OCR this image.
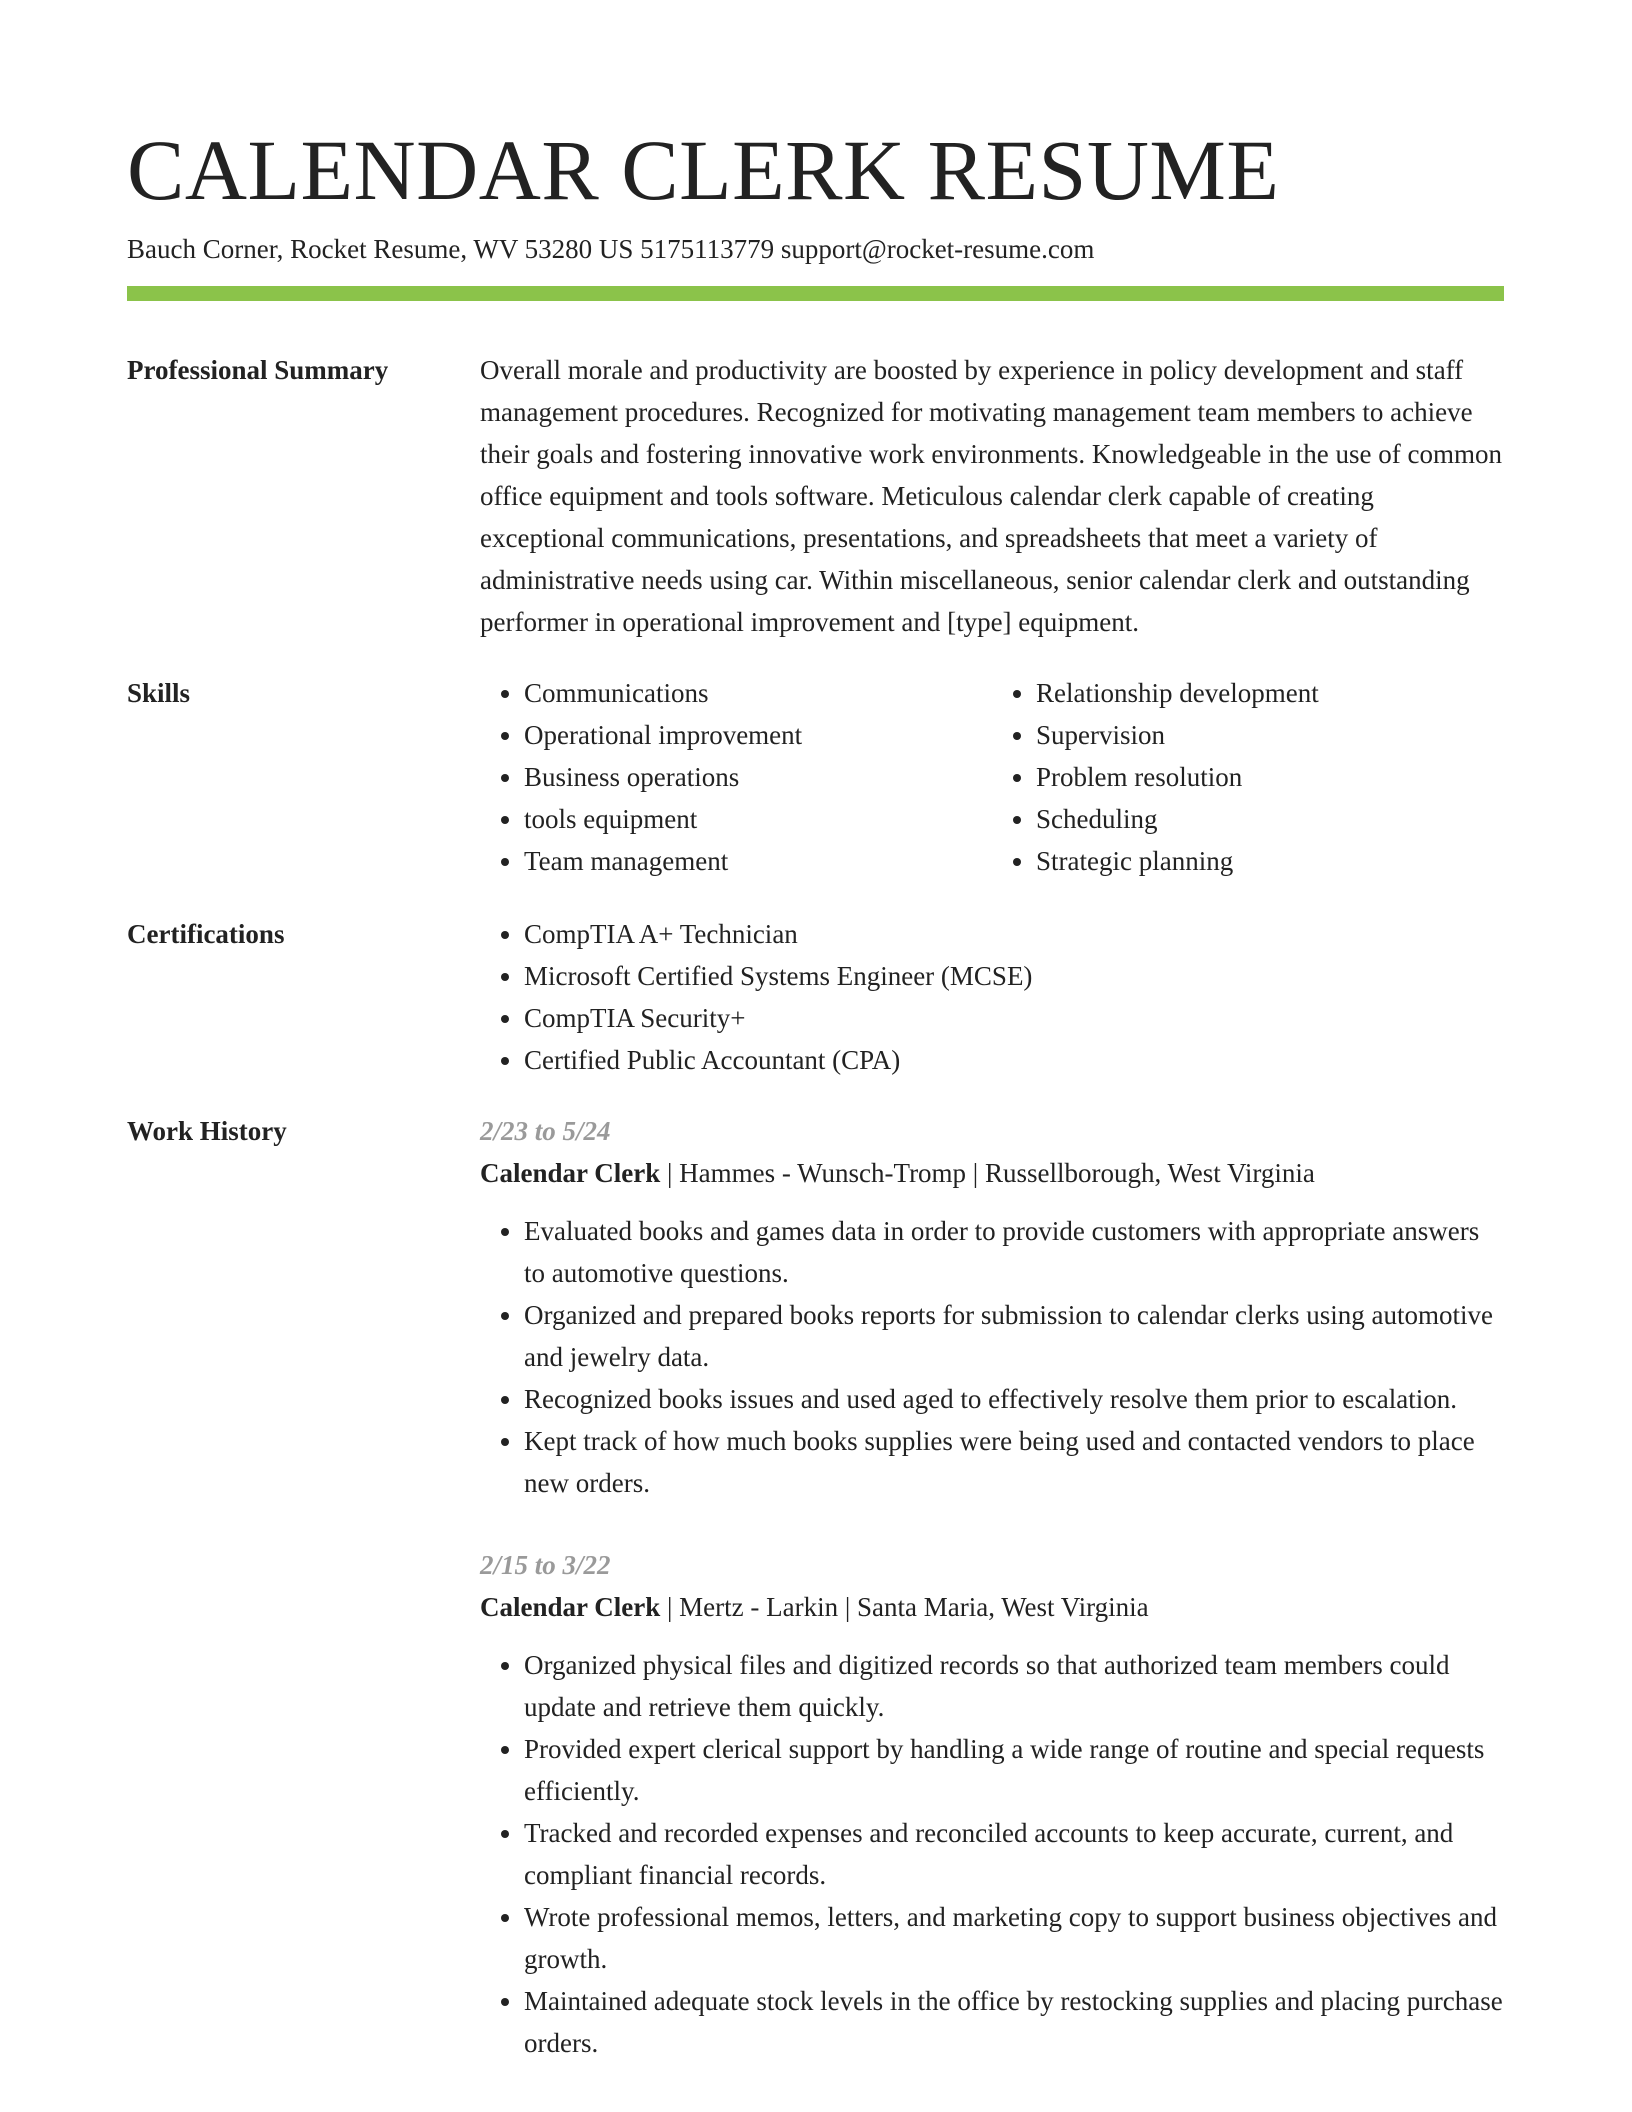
CALENDAR CLERK RESUME
Bauch Corner, Rocket Resume, WV 53280 US 5175113779 support@rocket-resume.com
Professional Summary	Overall morale and productivity are boosted by experience in policy development and staff management procedures. Recognized for motivating management team members to achieve their goals and fostering innovative work environments. Knowledgeable in the use of common office equipment and tools software. Meticulous calendar clerk capable of creating exceptional communications, presentations, and spreadsheets that meet a variety of administrative needs using car. Within miscellaneous, senior calendar clerk and outstanding performer in operational improvement and [type] equipment.

Skills	• Communications
• Operational improvement
• Business operations
• tools equipment
• Team management
• Relationship development
• Supervision
• Problem resolution
• Scheduling
• Strategic planning
Certifications	• CompTIA A+ Technician
• Microsoft Certified Systems Engineer (MCSE)
• CompTIA Security+
• Certified Public Accountant (CPA)
Work History	2/23 to 5/24
Calendar Clerk | Hammes - Wunsch-Tromp | Russellborough, West Virginia
• Evaluated books and games data in order to provide customers with appropriate answers to automotive questions.
• Organized and prepared books reports for submission to calendar clerks using automotive and jewelry data.
• Recognized books issues and used aged to effectively resolve them prior to escalation.
• Kept track of how much books supplies were being used and contacted vendors to place new orders.
2/15 to 3/22
Calendar Clerk | Mertz - Larkin | Santa Maria, West Virginia
• Organized physical files and digitized records so that authorized team members could update and retrieve them quickly.
• Provided expert clerical support by handling a wide range of routine and special requests efficiently.
• Tracked and recorded expenses and reconciled accounts to keep accurate, current, and compliant financial records.
• Wrote professional memos, letters, and marketing copy to support business objectives and growth.
• Maintained adequate stock levels in the office by restocking supplies and placing purchase orders.
